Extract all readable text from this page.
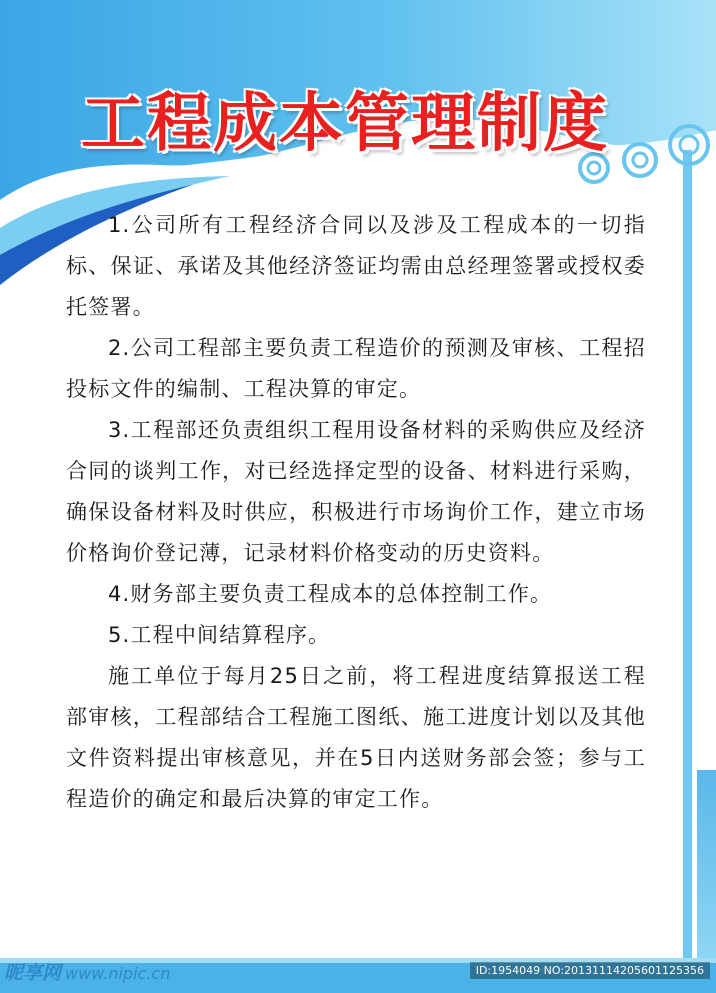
工程成本管理制度

1.公司所有工程经济合同以及涉及工程成本的一切指标、保证、承诺及其他经济签证均需由总经理签署或授权委托签署。

2.公司工程部主要负责工程造价的预测及审核、工程招投标文件的编制、工程决算的审定。

3.工程部还负责组织工程用设备材料的采购供应及经济合同的谈判工作，对已经选择定型的设备、材料进行采购，确保设备材料及时供应，积极进行市场询价工作，建立市场价格询价登记薄，记录材料价格变动的历史资料。

4.财务部主要负责工程成本的总体控制工作。

5.工程中间结算程序。

施工单位于每月25日之前，将工程进度结算报送工程部审核，工程部结合工程施工图纸、施工进度计划以及其他文件资料提出审核意见，并在5日内送财务部会签；参与工程造价的确定和最后决算的审定工作。

昵享网 www.nipic.cn	ID:1954049 NO:20131114205601125356
